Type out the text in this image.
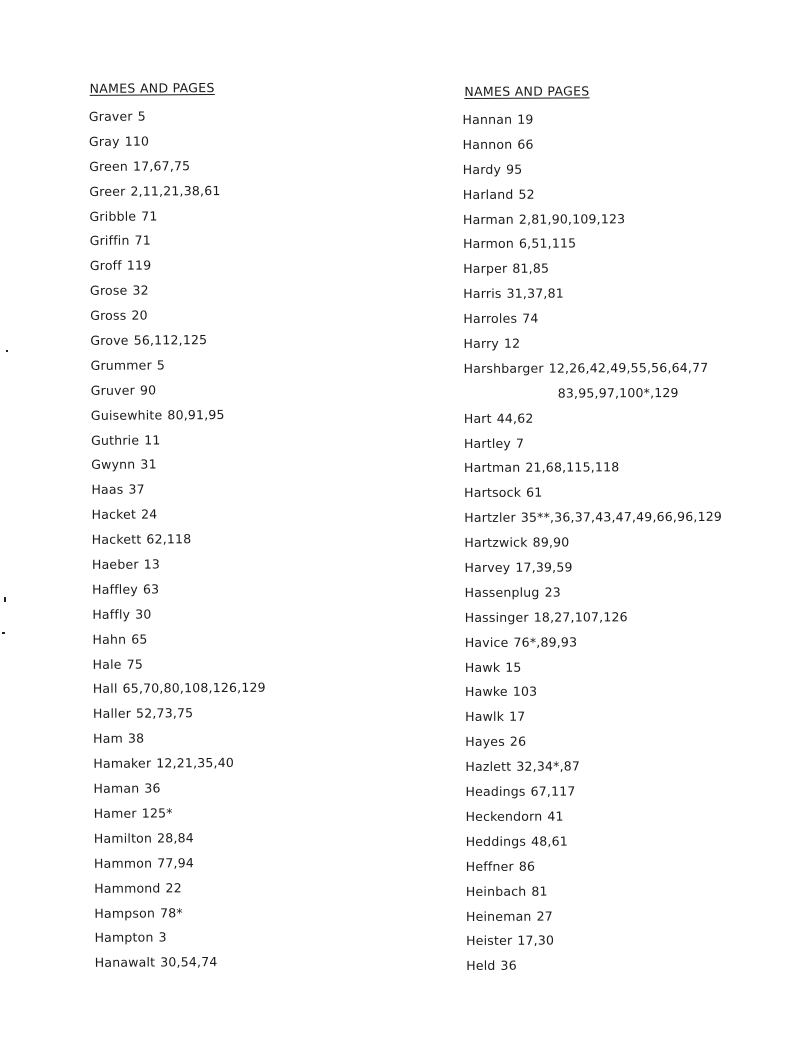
NAMES AND PAGES
Graver 5
Gray 110
Green 17,67,75
Greer 2,11,21,38,61
Gribble 71
Griffin 71
Groff 119
Grose 32
Gross 20
Grove 56,112,125
Grummer 5
Gruver 90
Guisewhite 80,91,95
Guthrie 11
Gwynn 31
Haas 37
Hacket 24
Hackett 62,118
Haeber 13
Haffley 63
Haffly 30
Hahn 65
Hale 75
Hall 65,70,80,108,126,129
Haller 52,73,75
Ham 38
Hamaker 12,21,35,40
Haman 36
Hamer 125*
Hamilton 28,84
Hammon 77,94
Hammond 22
Hampson 78*
Hampton 3
Hanawalt 30,54,74
NAMES AND PAGES
Hannan 19
Hannon 66
Hardy 95
Harland 52
Harman 2,81,90,109,123
Harmon 6,51,115
Harper 81,85
Harris 31,37,81
Harroles 74
Harry 12
Harshbarger 12,26,42,49,55,56,64,77
83,95,97,100*,129
Hart 44,62
Hartley 7
Hartman 21,68,115,118
Hartsock 61
Hartzler 35**,36,37,43,47,49,66,96,129
Hartzwick 89,90
Harvey 17,39,59
Hassenplug 23
Hassinger 18,27,107,126
Havice 76*,89,93
Hawk 15
Hawke 103
Hawlk 17
Hayes 26
Hazlett 32,34*,87
Headings 67,117
Heckendorn 41
Heddings 48,61
Heffner 86
Heinbach 81
Heineman 27
Heister 17,30
Held 36
